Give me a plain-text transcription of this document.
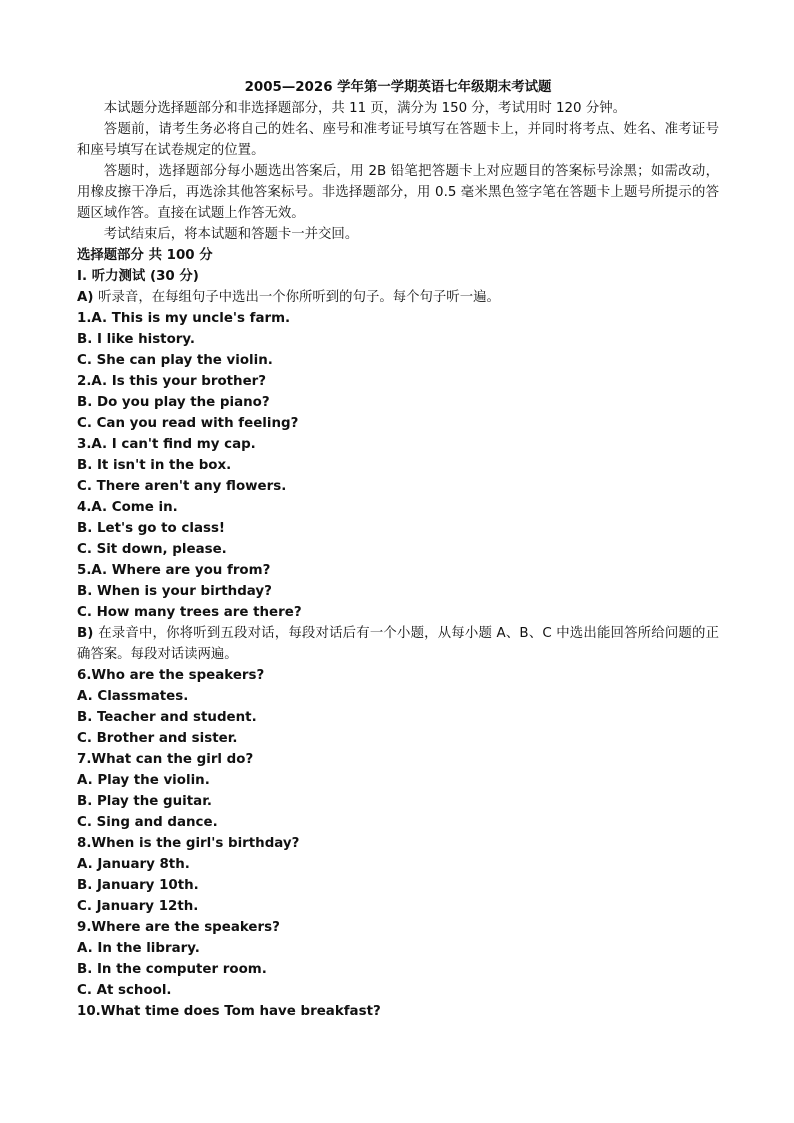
2005—2026 学年第一学期英语七年级期末考试题

本试题分选择题部分和非选择题部分，共 11 页，满分为 150 分，考试用时 120 分钟。

答题前，请考生务必将自己的姓名、座号和准考证号填写在答题卡上，并同时将考点、姓名、准考证号和座号填写在试卷规定的位置。

答题时，选择题部分每小题选出答案后，用 2B 铅笔把答题卡上对应题目的答案标号涂黑；如需改动，用橡皮擦干净后，再选涂其他答案标号。非选择题部分，用 0.5 毫米黑色签字笔在答题卡上题号所提示的答题区域作答。直接在试题上作答无效。

考试结束后，将本试题和答题卡一并交回。

选择题部分 共 100 分

I. 听力测试 (30 分)

A) 听录音，在每组句子中选出一个你所听到的句子。每个句子听一遍。

1.A. This is my uncle's farm.

B. I like history.

C. She can play the violin.

2.A. Is this your brother?

B. Do you play the piano?

C. Can you read with feeling?

3.A. I can't find my cap.

B. It isn't in the box.

C. There aren't any flowers.

4.A. Come in.

B. Let's go to class!

C. Sit down, please.

5.A. Where are you from?

B. When is your birthday?

C. How many trees are there?

B) 在录音中，你将听到五段对话，每段对话后有一个小题，从每小题 A、B、C 中选出能回答所给问题的正确答案。每段对话读两遍。

6.Who are the speakers?

A. Classmates.

B. Teacher and student.

C. Brother and sister.

7.What can the girl do?

A. Play the violin.

B. Play the guitar.

C. Sing and dance.

8.When is the girl's birthday?

A. January 8th.

B. January 10th.

C. January 12th.

9.Where are the speakers?

A. In the library.

B. In the computer room.

C. At school.

10.What time does Tom have breakfast?
